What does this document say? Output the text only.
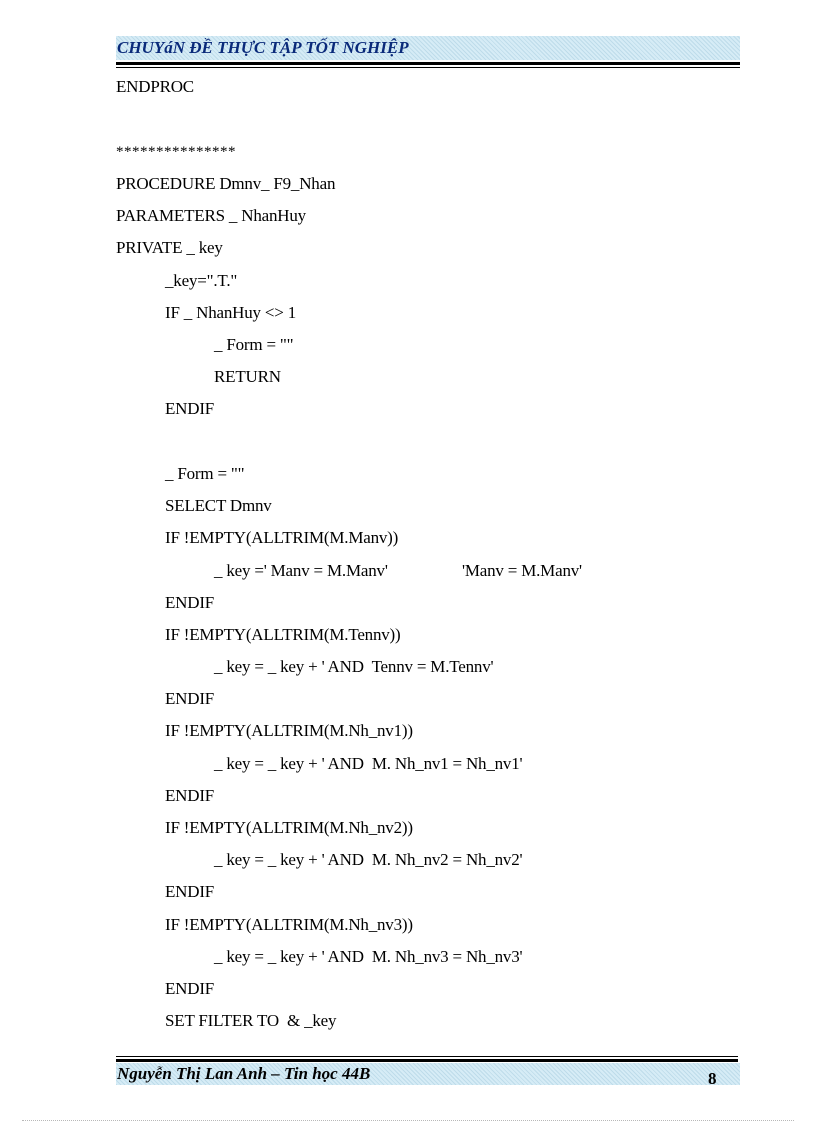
CHUYáN ĐỀ THỰC TẬP TỐT NGHIỆP
ENDPROC
***************
PROCEDURE Dmnv_ F9_Nhan
PARAMETERS _ NhanHuy
PRIVATE _ key
_key=".T."
IF _ NhanHuy <> 1
_ Form = ""
RETURN
ENDIF
_ Form = ""
SELECT Dmnv
IF !EMPTY(ALLTRIM(M.Manv))
_ key =' Manv = M.Manv'	'Manv = M.Manv'
ENDIF
IF !EMPTY(ALLTRIM(M.Tennv))
_ key = _ key + ' AND  Tennv = M.Tennv'
ENDIF
IF !EMPTY(ALLTRIM(M.Nh_nv1))
_ key = _ key + ' AND  M. Nh_nv1 = Nh_nv1'
ENDIF
IF !EMPTY(ALLTRIM(M.Nh_nv2))
_ key = _ key + ' AND  M. Nh_nv2 = Nh_nv2'
ENDIF
IF !EMPTY(ALLTRIM(M.Nh_nv3))
_ key = _ key + ' AND  M. Nh_nv3 = Nh_nv3'
ENDIF
SET FILTER TO  & _key
Nguyễn Thị Lan Anh – Tin học 44B	8
